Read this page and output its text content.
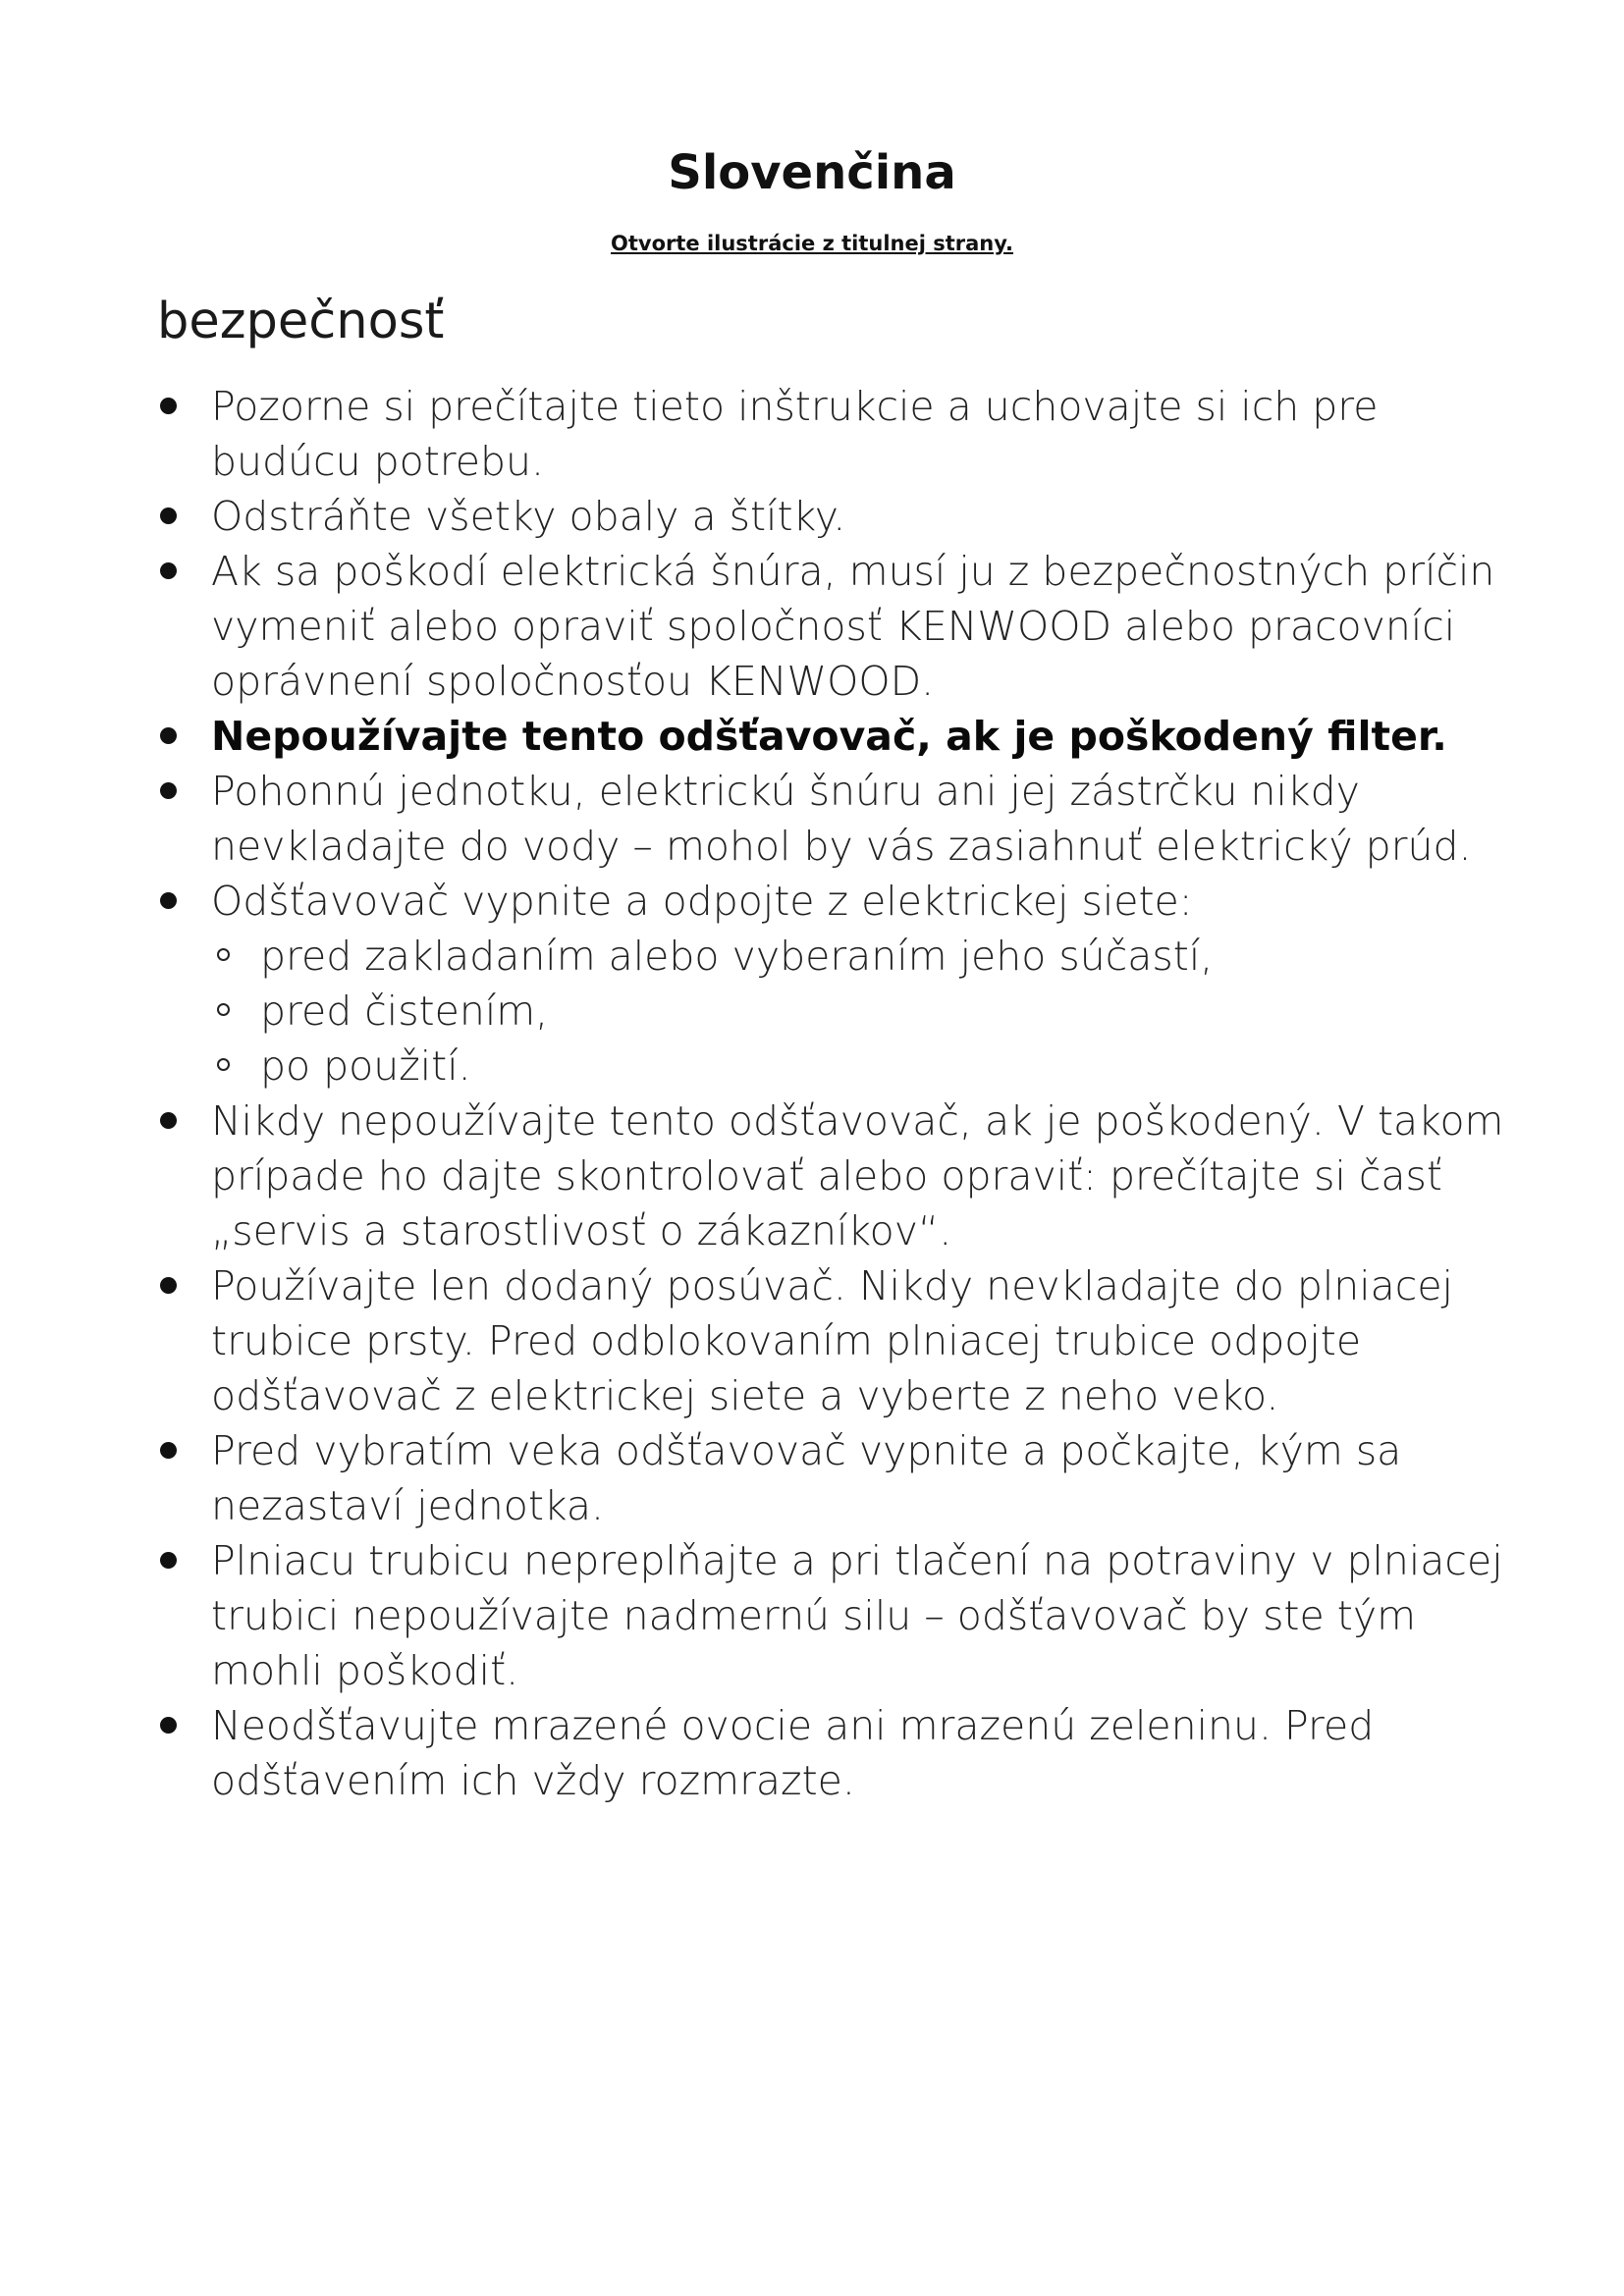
Slovenčina
Otvorte ilustrácie z titulnej strany.
bezpečnosť
Pozorne si prečítajte tieto inštrukcie a uchovajte si ich pre budúcu potrebu.
Odstráňte všetky obaly a štítky.
Ak sa poškodí elektrická šnúra, musí ju z bezpečnostných príčin vymeniť alebo opraviť spoločnosť KENWOOD alebo pracovníci oprávnení spoločnosťou KENWOOD.
Nepoužívajte tento odšťavovač, ak je poškodený filter.
Pohonnú jednotku, elektrickú šnúru ani jej zástrčku nikdy nevkladajte do vody – mohol by vás zasiahnuť elektrický prúd.
Odšťavovač vypnite a odpojte z elektrickej siete:
pred zakladaním alebo vyberaním jeho súčastí,
pred čistením,
po použití.
Nikdy nepoužívajte tento odšťavovač, ak je poškodený. V takom prípade ho dajte skontrolovať alebo opraviť: prečítajte si časť „servis a starostlivosť o zákazníkov“.
Používajte len dodaný posúvač. Nikdy nevkladajte do plniacej trubice prsty. Pred odblokovaním plniacej trubice odpojte odšťavovač z elektrickej siete a vyberte z neho veko.
Pred vybratím veka odšťavovač vypnite a počkajte, kým sa nezastaví jednotka.
Plniacu trubicu nepreplňajte a pri tlačení na potraviny v plniacej trubici nepoužívajte nadmernú silu – odšťavovač by ste tým mohli poškodiť.
Neodšťavujte mrazené ovocie ani mrazenú zeleninu. Pred odšťavením ich vždy rozmrazte.
